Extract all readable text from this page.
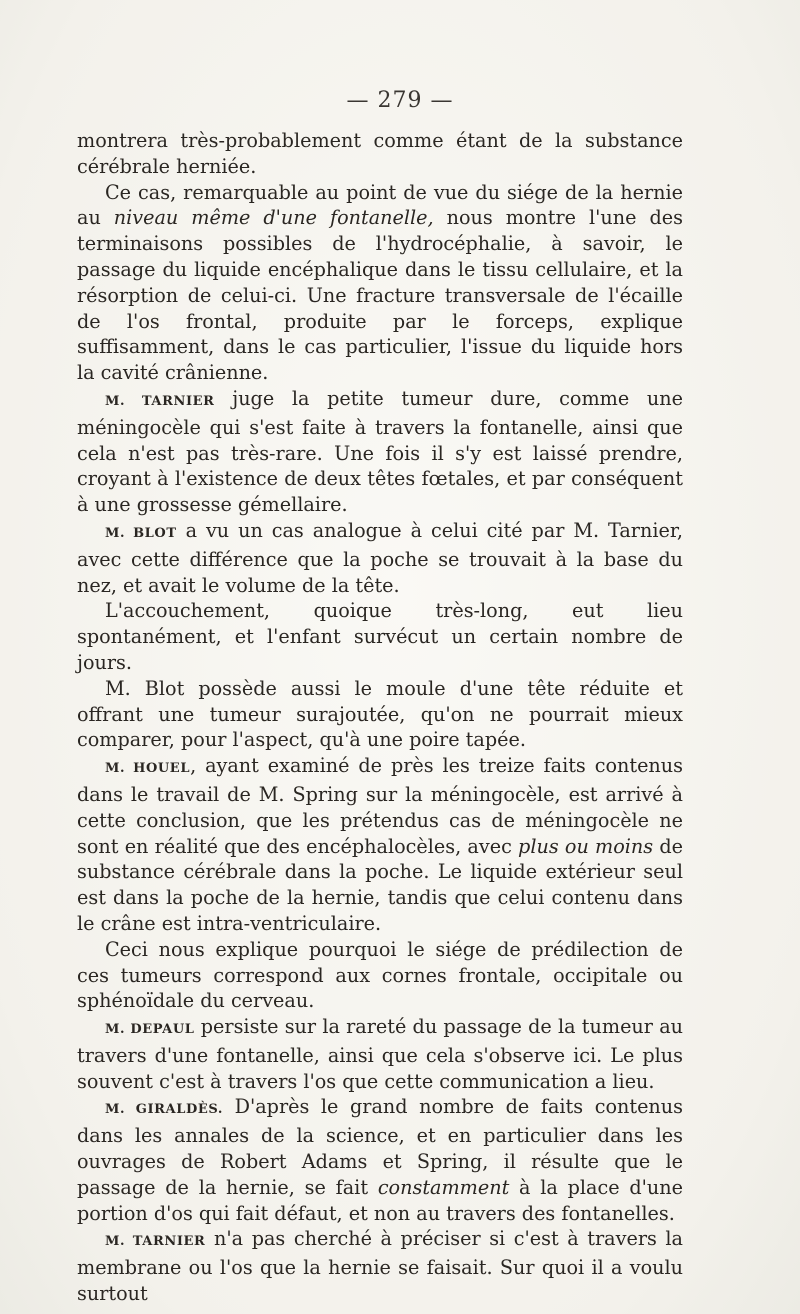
— 279 —

montrera très-probablement comme étant de la substance cérébrale herniée.

Ce cas, remarquable au point de vue du siége de la hernie au niveau même d'une fontanelle, nous montre l'une des terminaisons possibles de l'hydrocéphalie, à savoir, le passage du liquide encéphalique dans le tissu cellulaire, et la résorption de celui-ci. Une fracture transversale de l'écaille de l'os frontal, produite par le forceps, explique suffisamment, dans le cas particulier, l'issue du liquide hors la cavité crânienne.

M. TARNIER juge la petite tumeur dure, comme une méningocèle qui s'est faite à travers la fontanelle, ainsi que cela n'est pas très-rare. Une fois il s'y est laissé prendre, croyant à l'existence de deux têtes fœtales, et par conséquent à une grossesse gémellaire.

M. BLOT a vu un cas analogue à celui cité par M. Tarnier, avec cette différence que la poche se trouvait à la base du nez, et avait le volume de la tête.

L'accouchement, quoique très-long, eut lieu spontanément, et l'enfant survécut un certain nombre de jours.

M. Blot possède aussi le moule d'une tête réduite et offrant une tumeur surajoutée, qu'on ne pourrait mieux comparer, pour l'aspect, qu'à une poire tapée.

M. HOUEL, ayant examiné de près les treize faits contenus dans le travail de M. Spring sur la méningocèle, est arrivé à cette conclusion, que les prétendus cas de méningocèle ne sont en réalité que des encéphalocèles, avec plus ou moins de substance cérébrale dans la poche. Le liquide extérieur seul est dans la poche de la hernie, tandis que celui contenu dans le crâne est intra-ventriculaire.

Ceci nous explique pourquoi le siége de prédilection de ces tumeurs correspond aux cornes frontale, occipitale ou sphénoïdale du cerveau.

M. DEPAUL persiste sur la rareté du passage de la tumeur au travers d'une fontanelle, ainsi que cela s'observe ici. Le plus souvent c'est à travers l'os que cette communication a lieu.

M. GIRALDÈS. D'après le grand nombre de faits contenus dans les annales de la science, et en particulier dans les ouvrages de Robert Adams et Spring, il résulte que le passage de la hernie, se fait constamment à la place d'une portion d'os qui fait défaut, et non au travers des fontanelles.

M. TARNIER n'a pas cherché à préciser si c'est à travers la membrane ou l'os que la hernie se faisait. Sur quoi il a voulu surtout
